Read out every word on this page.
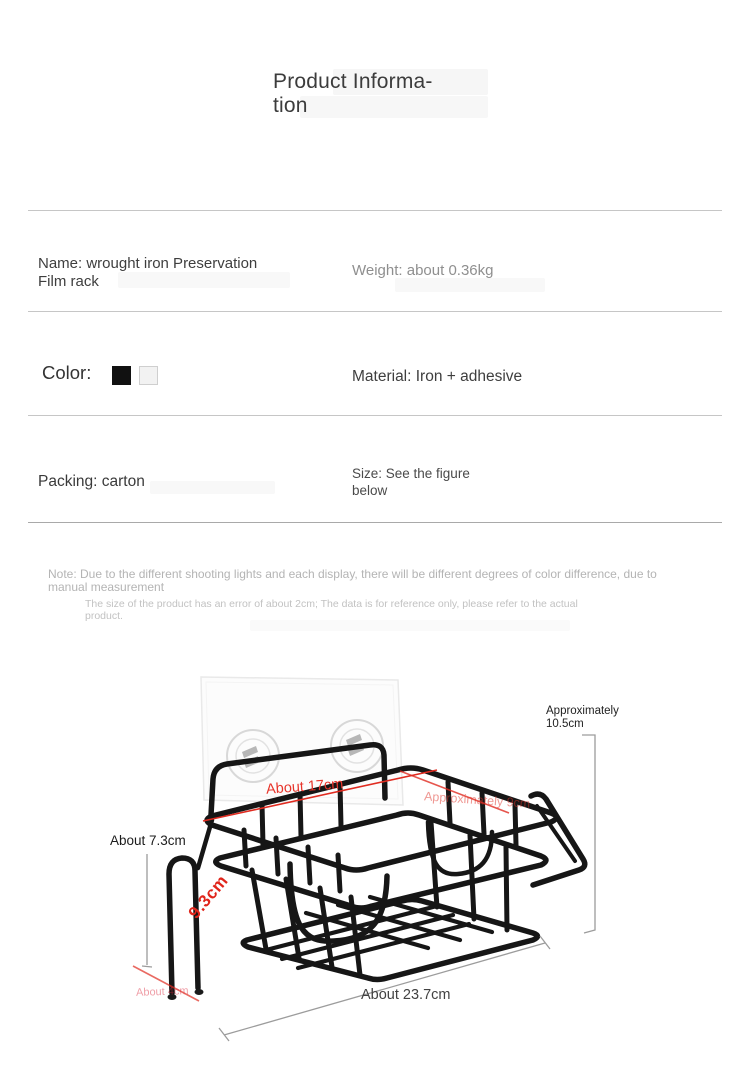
Product Informa-
tion
Name: wrought iron Preservation Film rack
Weight: about 0.36kg
Color:	Material: Iron + adhesive
Packing: carton	Size: See the figure below
Note: Due to the different shooting lights and each display, there will be different degrees of color difference, due to manual measurement
The size of the product has an error of about 2cm; The data is for reference only, please refer to the actual product.
Approximately 10.5cm
About 7.3cm
About 17cm
Approximately 9cm
9.3cm
About 23.7cm
About 4cm
